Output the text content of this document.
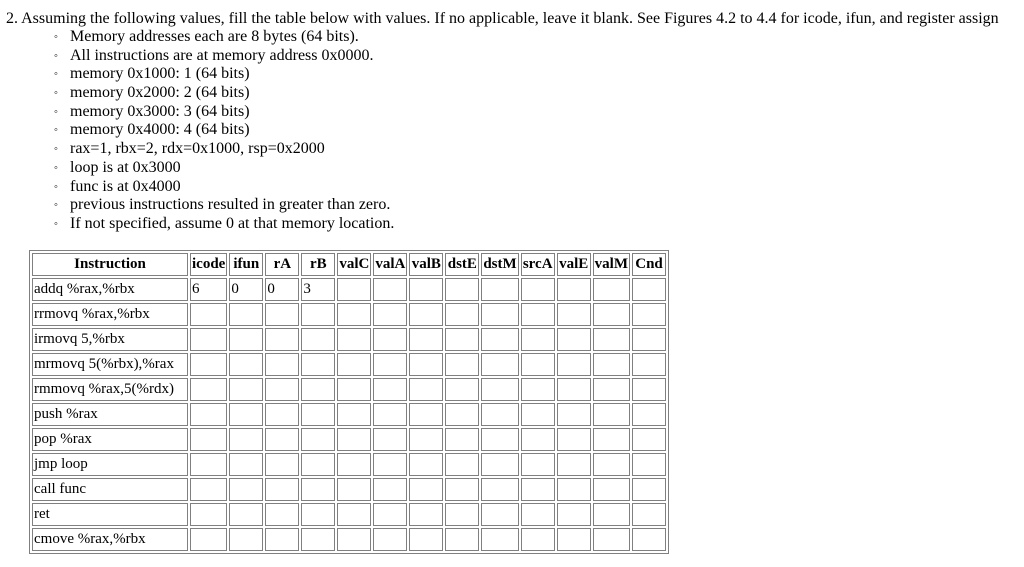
2. Assuming the following values, fill the table below with values. If no applicable, leave it blank. See Figures 4.2 to 4.4 for icode, ifun, and register assign
◦ Memory addresses each are 8 bytes (64 bits).
◦ All instructions are at memory address 0x0000.
◦ memory 0x1000: 1 (64 bits)
◦ memory 0x2000: 2 (64 bits)
◦ memory 0x3000: 3 (64 bits)
◦ memory 0x4000: 4 (64 bits)
◦ rax=1, rbx=2, rdx=0x1000, rsp=0x2000
◦ loop is at 0x3000
◦ func is at 0x4000
◦ previous instructions resulted in greater than zero.
◦ If not specified, assume 0 at that memory location.
Instruction	icode	ifun	rA	rB	valC	valA	valB	dstE	dstM	srcA	valE	valM	Cnd
addq %rax,%rbx	6	0	0	3									
rrmovq %rax,%rbx													
irmovq 5,%rbx													
mrmovq 5(%rbx),%rax													
rmmovq %rax,5(%rdx)													
push %rax													
pop %rax													
jmp loop													
call func													
ret													
cmove %rax,%rbx													
